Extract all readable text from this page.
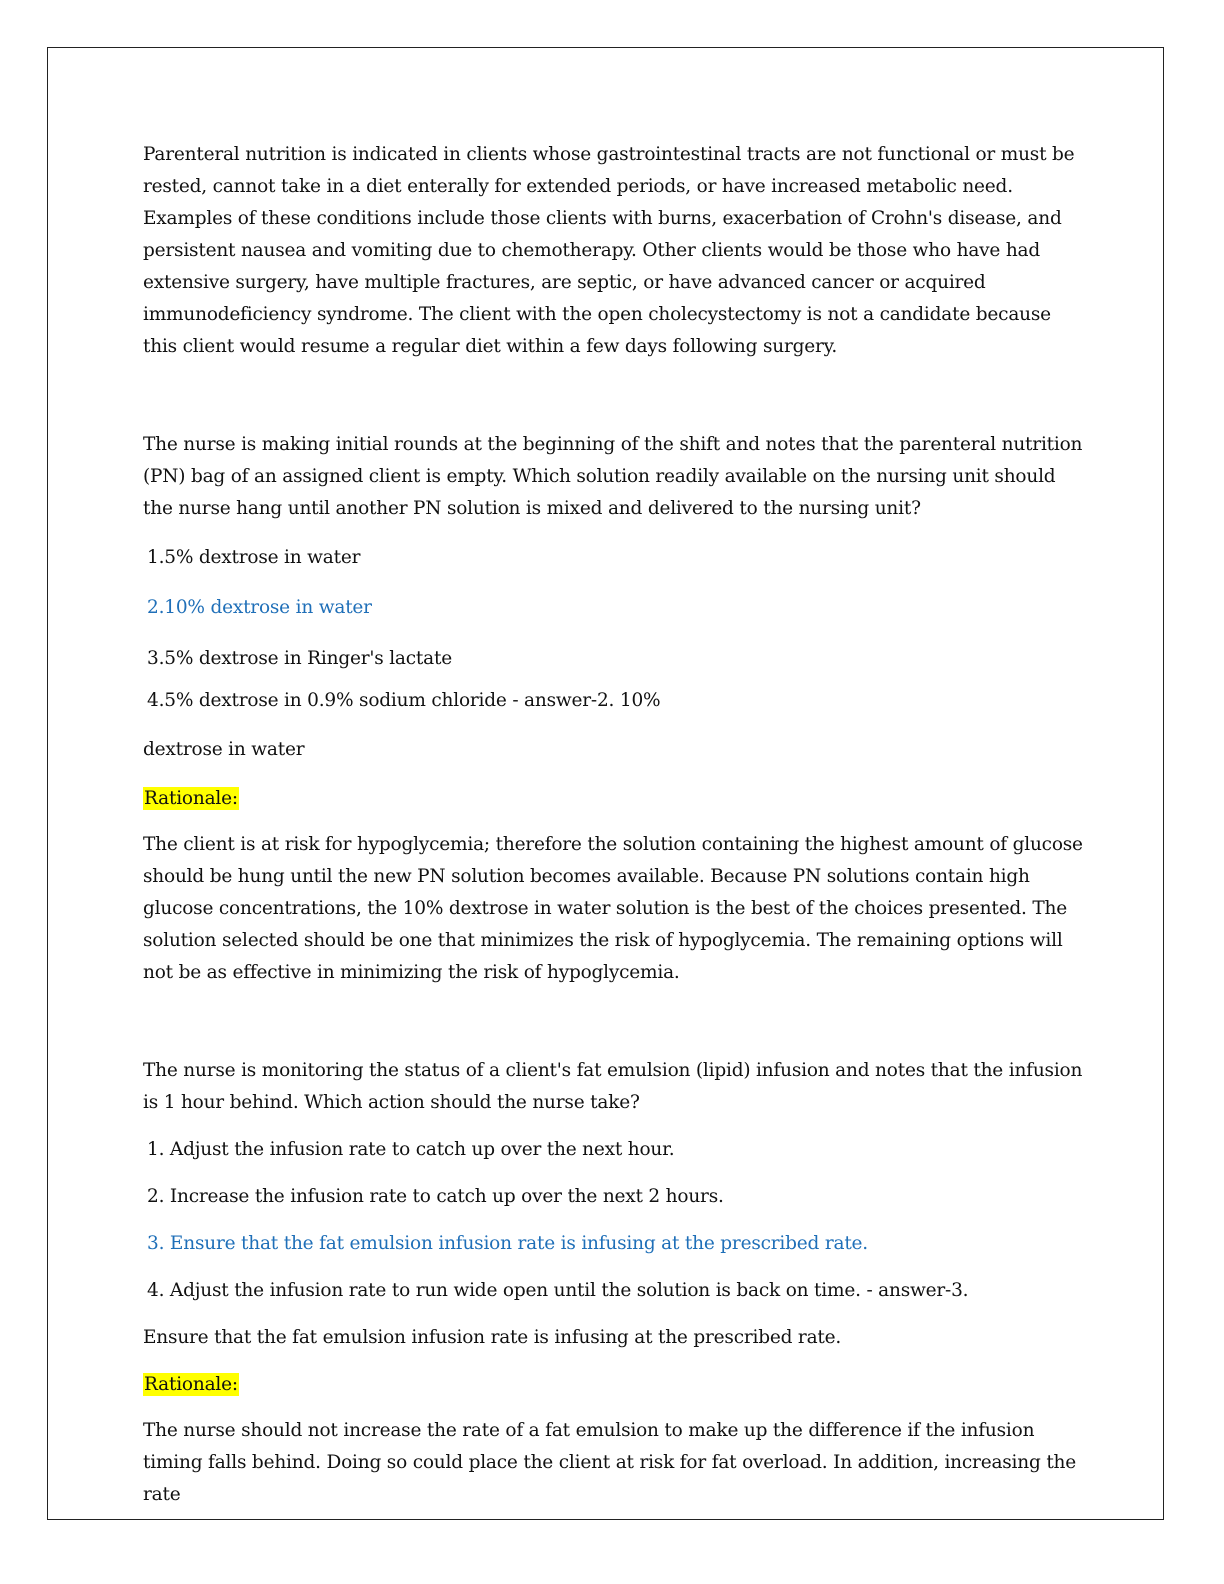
Parenteral nutrition is indicated in clients whose gastrointestinal tracts are not functional or must be rested, cannot take in a diet enterally for extended periods, or have increased metabolic need. Examples of these conditions include those clients with burns, exacerbation of Crohn's disease, and persistent nausea and vomiting due to chemotherapy. Other clients would be those who have had extensive surgery, have multiple fractures, are septic, or have advanced cancer or acquired immunodeficiency syndrome. The client with the open cholecystectomy is not a candidate because this client would resume a regular diet within a few days following surgery.

The nurse is making initial rounds at the beginning of the shift and notes that the parenteral nutrition (PN) bag of an assigned client is empty. Which solution readily available on the nursing unit should the nurse hang until another PN solution is mixed and delivered to the nursing unit?

1.5% dextrose in water

2.10% dextrose in water

3.5% dextrose in Ringer's lactate

4.5% dextrose in 0.9% sodium chloride - answer-2. 10%

dextrose in water

Rationale:

The client is at risk for hypoglycemia; therefore the solution containing the highest amount of glucose should be hung until the new PN solution becomes available. Because PN solutions contain high glucose concentrations, the 10% dextrose in water solution is the best of the choices presented. The solution selected should be one that minimizes the risk of hypoglycemia. The remaining options will not be as effective in minimizing the risk of hypoglycemia.

The nurse is monitoring the status of a client's fat emulsion (lipid) infusion and notes that the infusion is 1 hour behind. Which action should the nurse take?

1. Adjust the infusion rate to catch up over the next hour.

2. Increase the infusion rate to catch up over the next 2 hours.

3. Ensure that the fat emulsion infusion rate is infusing at the prescribed rate.

4. Adjust the infusion rate to run wide open until the solution is back on time. - answer-3.

Ensure that the fat emulsion infusion rate is infusing at the prescribed rate.

Rationale:

The nurse should not increase the rate of a fat emulsion to make up the difference if the infusion timing falls behind. Doing so could place the client at risk for fat overload. In addition, increasing the rate
